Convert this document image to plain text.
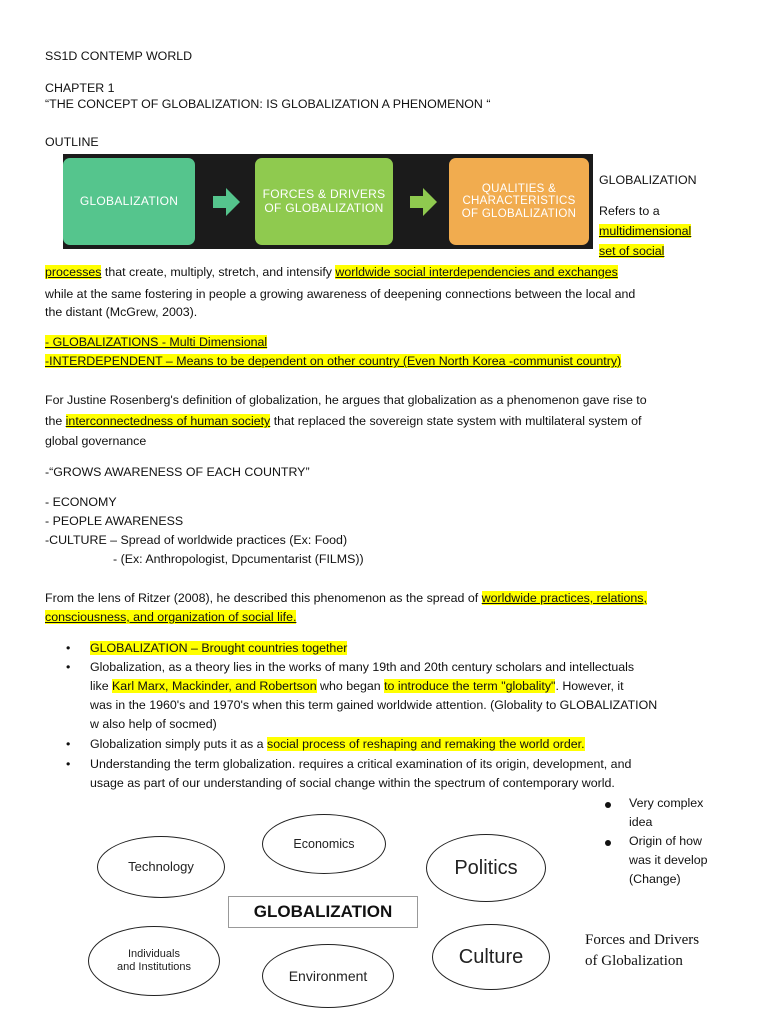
SS1D CONTEMP WORLD
CHAPTER 1
“THE CONCEPT OF GLOBALIZATION: IS GLOBALIZATION A PHENOMENON “
OUTLINE
GLOBALIZATION	FORCES & DRIVERS OF GLOBALIZATION
QUALITIES & CHARACTERISTICS OF GLOBALIZATION
GLOBALIZATION
Refers to a
multidimensional
set of social
processes that create, multiply, stretch, and intensify worldwide social interdependencies and exchanges
while at the same fostering in people a growing awareness of deepening connections between the local and
the distant (McGrew, 2003).
- GLOBALIZATIONS - Multi Dimensional
-INTERDEPENDENT – Means to be dependent on other country (Even North Korea -communist country)
For Justine Rosenberg's definition of globalization, he argues that globalization as a phenomenon gave rise to
the interconnectedness of human society that replaced the sovereign state system with multilateral system of
global governance
-“GROWS AWARENESS OF EACH COUNTRY”
- ECONOMY
- PEOPLE AWARENESS
-CULTURE – Spread of worldwide practices (Ex: Food)
- (Ex: Anthropologist, Dpcumentarist (FILMS))
From the lens of Ritzer (2008), he described this phenomenon as the spread of worldwide practices, relations,
consciousness, and organization of social life.
•	GLOBALIZATION – Brought countries together
•	Globalization, as a theory lies in the works of many 19th and 20th century scholars and intellectuals
like Karl Marx, Mackinder, and Robertson who began to introduce the term "globality". However, it
was in the 1960's and 1970's when this term gained worldwide attention. (Globality to GLOBALIZATION
w also help of socmed)
•	Globalization simply puts it as a social process of reshaping and remaking the world order.
•	Understanding the term globalization. requires a critical examination of its origin, development, and
usage as part of our understanding of social change within the spectrum of contemporary world.
Very complex
idea
Origin of how
was it develop
(Change)
Technology
Economics
Politics
GLOBALIZATION
Individuals
and Institutions
Environment
Culture
Forces and Drivers
of Globalization
